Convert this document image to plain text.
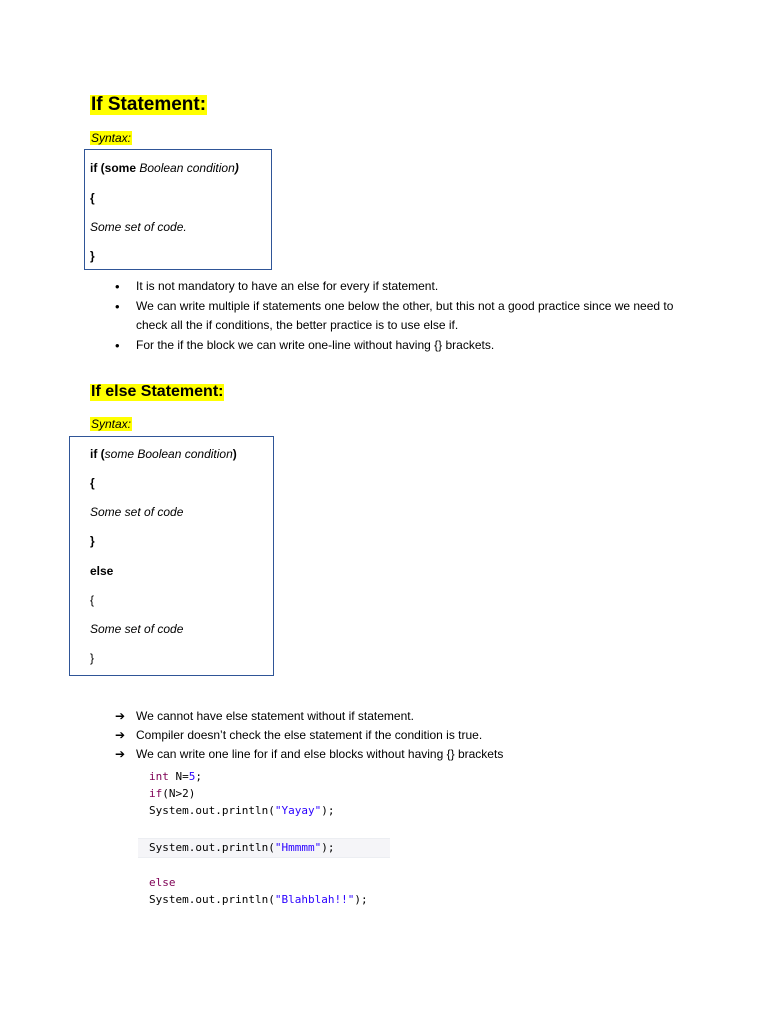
If Statement:
Syntax:
if (some Boolean condition)
{
Some set of code.
}
• It is not mandatory to have an else for every if statement.
• We can write multiple if statements one below the other, but this not a good practice since we need to check all the if conditions, the better practice is to use else if.
• For the if the block we can write one-line without having {} brackets.
If else Statement:
Syntax:
if (some Boolean condition)
{
Some set of code
}
else
{
Some set of code
}
➔ We cannot have else statement without if statement.
➔ Compiler doesn’t check the else statement if the condition is true.
➔ We can write one line for if and else blocks without having {} brackets
int N=5;
if(N>2)
System.out.println("Yayay");
System.out.println("Hmmmm");
else
System.out.println("Blahblah!!");
